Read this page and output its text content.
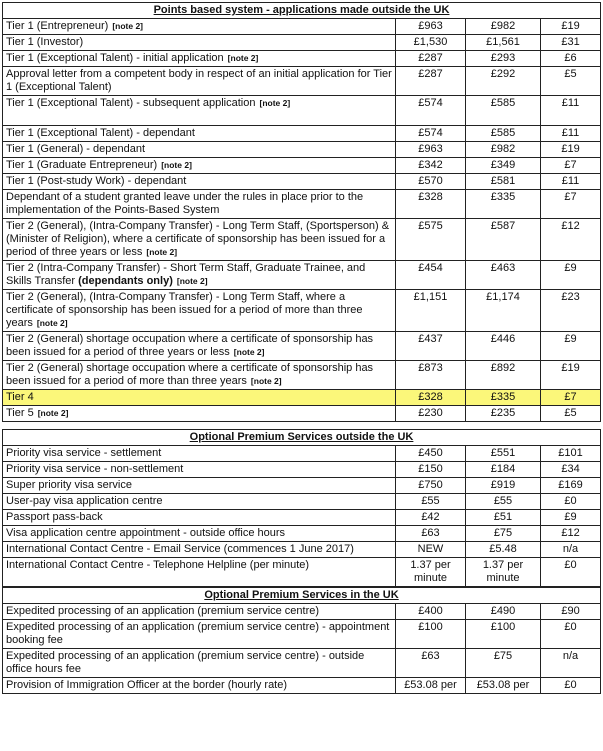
Points based system - applications made outside the UK			
Tier 1 (Entrepreneur) [note 2]	£963	£982	£19
Tier 1 (Investor)	£1,530	£1,561	£31
Tier 1 (Exceptional Talent) - initial application [note 2]	£287	£293	£6
Approval letter from a competent body in respect of an initial application for Tier 1 (Exceptional Talent)	£287	£292	£5
Tier 1 (Exceptional Talent) - subsequent application [note 2]	£574	£585	£11
Tier 1 (Exceptional Talent) - dependant	£574	£585	£11
Tier 1 (General) - dependant	£963	£982	£19
Tier 1 (Graduate Entrepreneur) [note 2]	£342	£349	£7
Tier 1 (Post-study Work) - dependant	£570	£581	£11
Dependant of a student granted leave under the rules in place prior to the implementation of the Points-Based System	£328	£335	£7
Tier 2 (General), (Intra-Company Transfer) - Long Term Staff, (Sportsperson) & (Minister of Religion), where a certificate of sponsorship has been issued for a period of three years or less [note 2]	£575	£587	£12
Tier 2 (Intra-Company Transfer) - Short Term Staff, Graduate Trainee, and Skills Transfer (dependants only) [note 2]	£454	£463	£9
Tier 2 (General), (Intra-Company Transfer) - Long Term Staff, where a certificate of sponsorship has been issued for a period of more than three years [note 2]	£1,151	£1,174	£23
Tier 2 (General) shortage occupation where a certificate of sponsorship has been issued for a period of three years or less [note 2]	£437	£446	£9
Tier 2 (General) shortage occupation where a certificate of sponsorship has been issued for a period of more than three years [note 2]	£873	£892	£19
Tier 4	£328	£335	£7
Tier 5 [note 2]	£230	£235	£5
Optional Premium Services outside the UK			
Priority visa service - settlement	£450	£551	£101
Priority visa service - non-settlement	£150	£184	£34
Super priority visa service	£750	£919	£169
User-pay visa application centre	£55	£55	£0
Passport pass-back	£42	£51	£9
Visa application centre appointment - outside office hours	£63	£75	£12
International Contact Centre - Email Service (commences 1 June 2017)	NEW	£5.48	n/a
International Contact Centre - Telephone Helpline (per minute)	1.37 per minute	1.37 per minute	£0
Optional Premium Services in the UK			
Expedited processing of an application (premium service centre)	£400	£490	£90
Expedited processing of an application (premium service centre) - appointment booking fee	£100	£100	£0
Expedited processing of an application (premium service centre) - outside office hours fee	£63	£75	n/a
Provision of Immigration Officer at the border (hourly rate)	£53.08 per	£53.08 per	£0
